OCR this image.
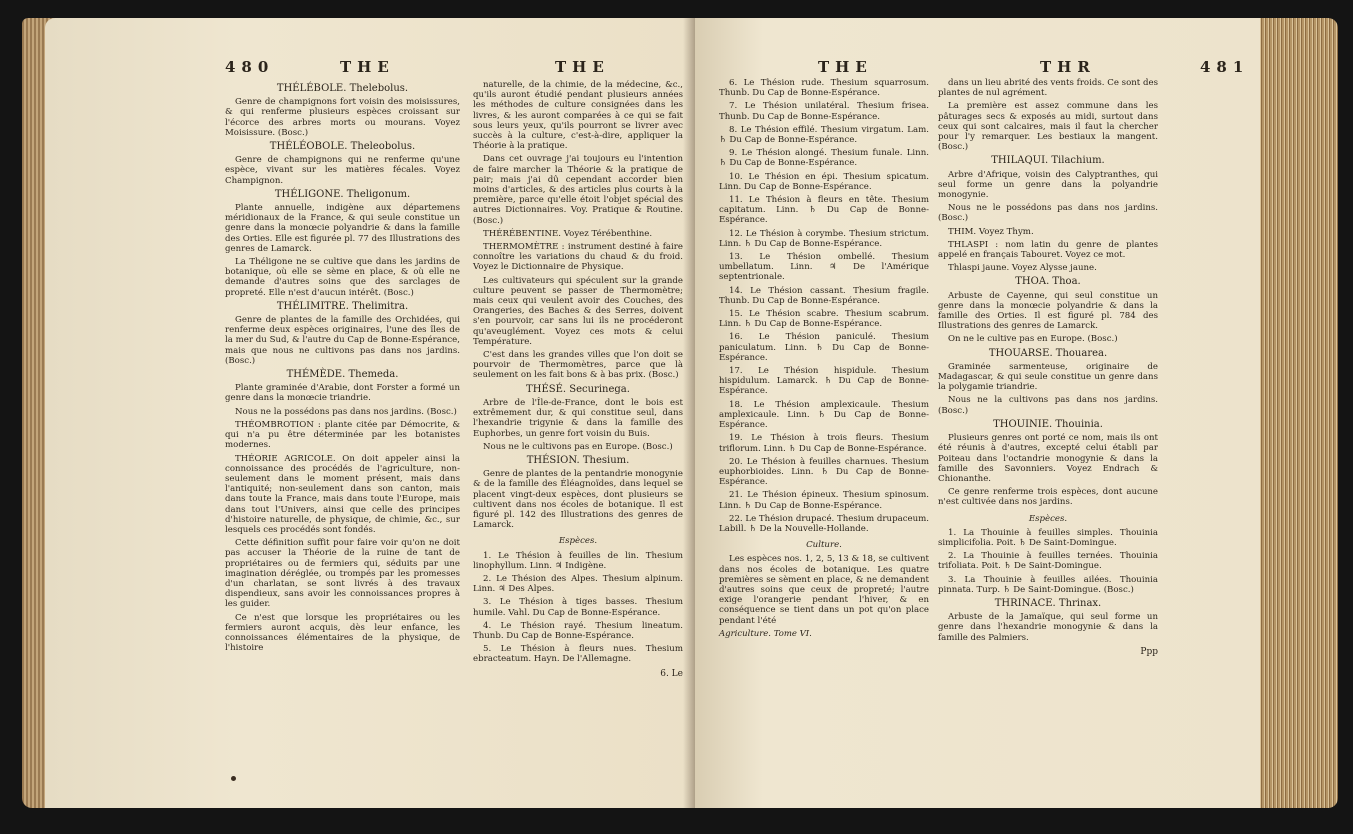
480	THE	THE
THÉLÉBOLE. Thelebolus.

Genre de champignons fort voisin des moisissures, & qui renferme plusieurs espèces croissant sur l'écorce des arbres morts ou mourans. Voyez Moisissure. (Bosc.)

THÉLÉOBOLE. Theleobolus.

Genre de champignons qui ne renferme qu'une espèce, vivant sur les matières fécales. Voyez Champignon.

THÉLIGONE. Theligonum.

Plante annuelle, indigène aux départemens méridionaux de la France, & qui seule constitue un genre dans la monœcie polyandrie & dans la famille des Orties. Elle est figurée pl. 77 des Illustrations des genres de Lamarck.

La Théligone ne se cultive que dans les jardins de botanique, où elle se sème en place, & où elle ne demande d'autres soins que des sarclages de propreté. Elle n'est d'aucun intérêt. (Bosc.)

THÉLIMITRE. Thelimitra.

Genre de plantes de la famille des Orchidées, qui renferme deux espèces originaires, l'une des îles de la mer du Sud, & l'autre du Cap de Bonne-Espérance, mais que nous ne cultivons pas dans nos jardins. (Bosc.)

THÉMÈDE. Themeda.

Plante graminée d'Arabie, dont Forster a formé un genre dans la monœcie triandrie.

Nous ne la possédons pas dans nos jardins. (Bosc.)

THÉOMBROTION : plante citée par Démocrite, & qui n'a pu être déterminée par les botanistes modernes.

THÉORIE AGRICOLE. On doit appeler ainsi la connoissance des procédés de l'agriculture, non-seulement dans le moment présent, mais dans l'antiquité; non-seulement dans son canton, mais dans toute la France, mais dans toute l'Europe, mais dans tout l'Univers, ainsi que celle des principes d'histoire naturelle, de physique, de chimie, &c., sur lesquels ces procédés sont fondés.

Cette définition suffit pour faire voir qu'on ne doit pas accuser la Théorie de la ruine de tant de propriétaires ou de fermiers qui, séduits par une imagination déréglée, ou trompés par les promesses d'un charlatan, se sont livrés à des travaux dispendieux, sans avoir les connoissances propres à les guider.

Ce n'est que lorsque les propriétaires ou les fermiers auront acquis, dès leur enfance, les connoissances élémentaires de la physique, de l'histoire

naturelle, de la chimie, de la médecine, &c., qu'ils auront étudié pendant plusieurs années les méthodes de culture consignées dans les livres, & les auront comparées à ce qui se fait sous leurs yeux, qu'ils pourront se livrer avec succès à la culture, c'est-à-dire, appliquer la Théorie à la pratique.

Dans cet ouvrage j'ai toujours eu l'intention de faire marcher la Théorie & la pratique de pair; mais j'ai dû cependant accorder bien moins d'articles, & des articles plus courts à la première, parce qu'elle étoit l'objet spécial des autres Dictionnaires. Voy. Pratique & Routine. (Bosc.)

THÉRÉBENTINE. Voyez Térébenthine.

THERMOMÈTRE : instrument destiné à faire connoître les variations du chaud & du froid. Voyez le Dictionnaire de Physique.

Les cultivateurs qui spéculent sur la grande culture peuvent se passer de Thermomètre; mais ceux qui veulent avoir des Couches, des Orangeries, des Baches & des Serres, doivent s'en pourvoir, car sans lui ils ne procéderont qu'aveuglément. Voyez ces mots & celui Température.

C'est dans les grandes villes que l'on doit se pourvoir de Thermomètres, parce que là seulement on les fait bons & à bas prix. (Bosc.)

THÉSÉ. Securinega.

Arbre de l'Île-de-France, dont le bois est extrêmement dur, & qui constitue seul, dans l'hexandrie trigynie & dans la famille des Euphorbes, un genre fort voisin du Buis.

Nous ne le cultivons pas en Europe. (Bosc.)

THÉSION. Thesium.

Genre de plantes de la pentandrie monogynie & de la famille des Éléagnoïdes, dans lequel se placent vingt-deux espèces, dont plusieurs se cultivent dans nos écoles de botanique. Il est figuré pl. 142 des Illustrations des genres de Lamarck.

Espèces.

1. Le Thésion à feuilles de lin. Thesium linophyllum. Linn. ♃ Indigène.

2. Le Thésion des Alpes. Thesium alpinum. Linn. ♃ Des Alpes.

3. Le Thésion à tiges basses. Thesium humile. Vahl. Du Cap de Bonne-Espérance.

4. Le Thésion rayé. Thesium lineatum. Thunb. Du Cap de Bonne-Espérance.

5. Le Thésion à fleurs nues. Thesium ebracteatum. Hayn. De l'Allemagne.

6. Le
THE	THR	481

6. Le Thésion rude. Thesium squarrosum. Thunb. Du Cap de Bonne-Espérance.

7. Le Thésion unilatéral. Thesium frisea. Thunb. Du Cap de Bonne-Espérance.

8. Le Thésion effilé. Thesium virgatum. Lam. ♄ Du Cap de Bonne-Espérance.

9. Le Thésion alongé. Thesium funale. Linn. ♄ Du Cap de Bonne-Espérance.

10. Le Thésion en épi. Thesium spicatum. Linn. Du Cap de Bonne-Espérance.

11. Le Thésion à fleurs en tête. Thesium capitatum. Linn. ♄ Du Cap de Bonne-Espérance.

12. Le Thésion à corymbe. Thesium strictum. Linn. ♄ Du Cap de Bonne-Espérance.

13. Le Thésion ombellé. Thesium umbellatum. Linn. ♃ De l'Amérique septentrionale.

14. Le Thésion cassant. Thesium fragile. Thunb. Du Cap de Bonne-Espérance.

15. Le Thésion scabre. Thesium scabrum. Linn. ♄ Du Cap de Bonne-Espérance.

16. Le Thésion paniculé. Thesium paniculatum. Linn. ♄ Du Cap de Bonne-Espérance.

17. Le Thésion hispidule. Thesium hispidulum. Lamarck. ♄ Du Cap de Bonne-Espérance.

18. Le Thésion amplexicaule. Thesium amplexicaule. Linn. ♄ Du Cap de Bonne-Espérance.

19. Le Thésion à trois fleurs. Thesium triflorum. Linn. ♄ Du Cap de Bonne-Espérance.

20. Le Thésion à feuilles charnues. Thesium euphorbioides. Linn. ♄ Du Cap de Bonne-Espérance.

21. Le Thésion épineux. Thesium spinosum. Linn. ♄ Du Cap de Bonne-Espérance.

22. Le Thésion drupacé. Thesium drupaceum. Labill. ♄ De la Nouvelle-Hollande.

Culture.

Les espèces nos. 1, 2, 5, 13 & 18, se cultivent dans nos écoles de botanique. Les quatre premières se sèment en place, & ne demandent d'autres soins que ceux de propreté; l'autre exige l'orangerie pendant l'hiver, & en conséquence se tient dans un pot qu'on place pendant l'été

Agriculture. Tome VI.

dans un lieu abrité des vents froids. Ce sont des plantes de nul agrément.

La première est assez commune dans les pâturages secs & exposés au midi, surtout dans ceux qui sont calcaires, mais il faut la chercher pour l'y remarquer. Les bestiaux la mangent. (Bosc.)

THILAQUI. Tilachium.

Arbre d'Afrique, voisin des Calyptranthes, qui seul forme un genre dans la polyandrie monogynie.

Nous ne le possédons pas dans nos jardins. (Bosc.)

THIM. Voyez Thym.

THLASPI : nom latin du genre de plantes appelé en français Tabouret. Voyez ce mot.

Thlaspi jaune. Voyez Alysse jaune.

THOA. Thoa.

Arbuste de Cayenne, qui seul constitue un genre dans la monœcie polyandrie & dans la famille des Orties. Il est figuré pl. 784 des Illustrations des genres de Lamarck.

On ne le cultive pas en Europe. (Bosc.)

THOUARSE. Thouarea.

Graminée sarmenteuse, originaire de Madagascar, & qui seule constitue un genre dans la polygamie triandrie.

Nous ne la cultivons pas dans nos jardins. (Bosc.)

THOUINIE. Thouinia.

Plusieurs genres ont porté ce nom, mais ils ont été réunis à d'autres, excepté celui établi par Poiteau dans l'octandrie monogynie & dans la famille des Savonniers. Voyez Endrach & Chionanthe.

Ce genre renferme trois espèces, dont aucune n'est cultivée dans nos jardins.

Espèces.

1. La Thouinie à feuilles simples. Thouinia simplicifolia. Poit. ♄ De Saint-Domingue.

2. La Thouinie à feuilles ternées. Thouinia trifoliata. Poit. ♄ De Saint-Domingue.

3. La Thouinie à feuilles ailées. Thouinia pinnata. Turp. ♄ De Saint-Domingue. (Bosc.)

THRINACE. Thrinax.

Arbuste de la Jamaïque, qui seul forme un genre dans l'hexandrie monogynie & dans la famille des Palmiers.

Ppp
